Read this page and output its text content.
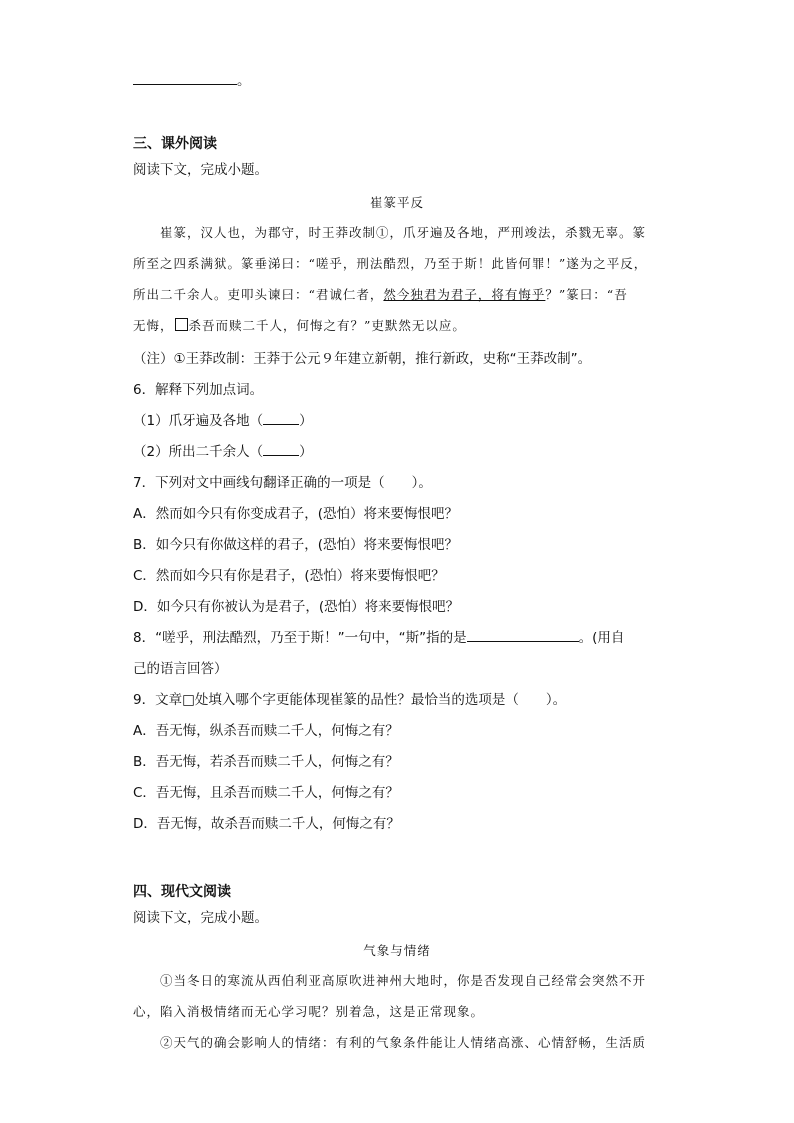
。
三、课外阅读
阅读下文，完成小题。
崔篆平反
崔篆，汉人也，为郡守，时王莽改制①，爪牙遍及各地，严刑竣法，杀戮无辜。篆
所至之四系满狱。篆垂涕曰：“嗟乎，刑法酷烈，乃至于斯！此皆何罪！”遂为之平反，
所出二千余人。吏叩头谏曰：“君诚仁者，然今独君为君子，将有悔乎？”篆曰：“吾
无悔， 杀吾而赎二千人，何悔之有？”吏默然无以应。
（注）①王莽改制：王莽于公元９年建立新朝，推行新政，史称“王莽改制”。
6．解释下列加点词。
（1）爪牙遍及各地（	）
（2）所出二千余人（	）
7．下列对文中画线句翻译正确的一项是（　　）。
A．然而如今只有你变成君子，(恐怕）将来要悔恨吧？
B．如今只有你做这样的君子，(恐怕）将来要悔恨吧？
C．然而如今只有你是君子，(恐怕）将来要悔恨吧？
D．如今只有你被认为是君子，(恐怕）将来要悔恨吧？
8．“嗟乎，刑法酷烈，乃至于斯！”一句中，“斯”指的是	。(用自
己的语言回答）
9．文章□处填入哪个字更能体现崔篆的品性？最恰当的选项是（　　）。
A．吾无悔，纵杀吾而赎二千人，何悔之有？
B．吾无悔，若杀吾而赎二千人，何悔之有？
C．吾无悔，且杀吾而赎二千人，何悔之有？
D．吾无悔，故杀吾而赎二千人，何悔之有？
四、现代文阅读
阅读下文，完成小题。
气象与情绪
①当冬日的寒流从西伯利亚高原吹进神州大地时，你是否发现自己经常会突然不开
心，陷入消极情绪而无心学习呢？别着急，这是正常现象。
②天气的确会影响人的情绪：有利的气象条件能让人情绪高涨、心情舒畅，生活质
